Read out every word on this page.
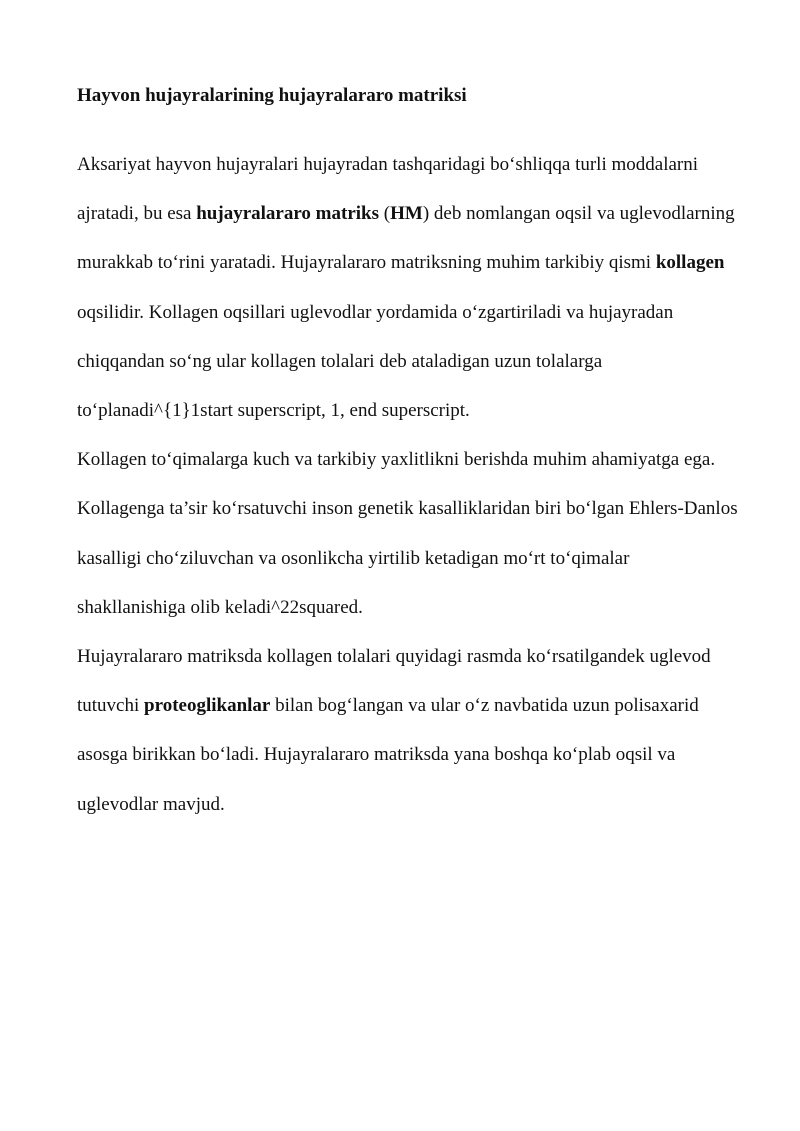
Hayvon hujayralarining hujayralararo matriksi

Aksariyat hayvon hujayralari hujayradan tashqaridagi bo‘shliqqa turli moddalarni ajratadi, bu esa hujayralararo matriks (HM) deb nomlangan oqsil va uglevodlarning murakkab to‘rini yaratadi. Hujayralararo matriksning muhim tarkibiy qismi kollagen oqsilidir. Kollagen oqsillari uglevodlar yordamida o‘zgartiriladi va hujayradan chiqqandan so‘ng ular kollagen tolalari deb ataladigan uzun tolalarga to‘planadi^{1}1start superscript, 1, end superscript.

Kollagen to‘qimalarga kuch va tarkibiy yaxlitlikni berishda muhim ahamiyatga ega. Kollagenga ta’sir ko‘rsatuvchi inson genetik kasalliklaridan biri bo‘lgan Ehlers-Danlos kasalligi cho‘ziluvchan va osonlikcha yirtilib ketadigan mo‘rt to‘qimalar shakllanishiga olib keladi^22squared.

Hujayralararo matriksda kollagen tolalari quyidagi rasmda ko‘rsatilgandek uglevod tutuvchi proteoglikanlar bilan bog‘langan va ular o‘z navbatida uzun polisaxarid asosga birikkan bo‘ladi. Hujayralararo matriksda yana boshqa ko‘plab oqsil va uglevodlar mavjud.
